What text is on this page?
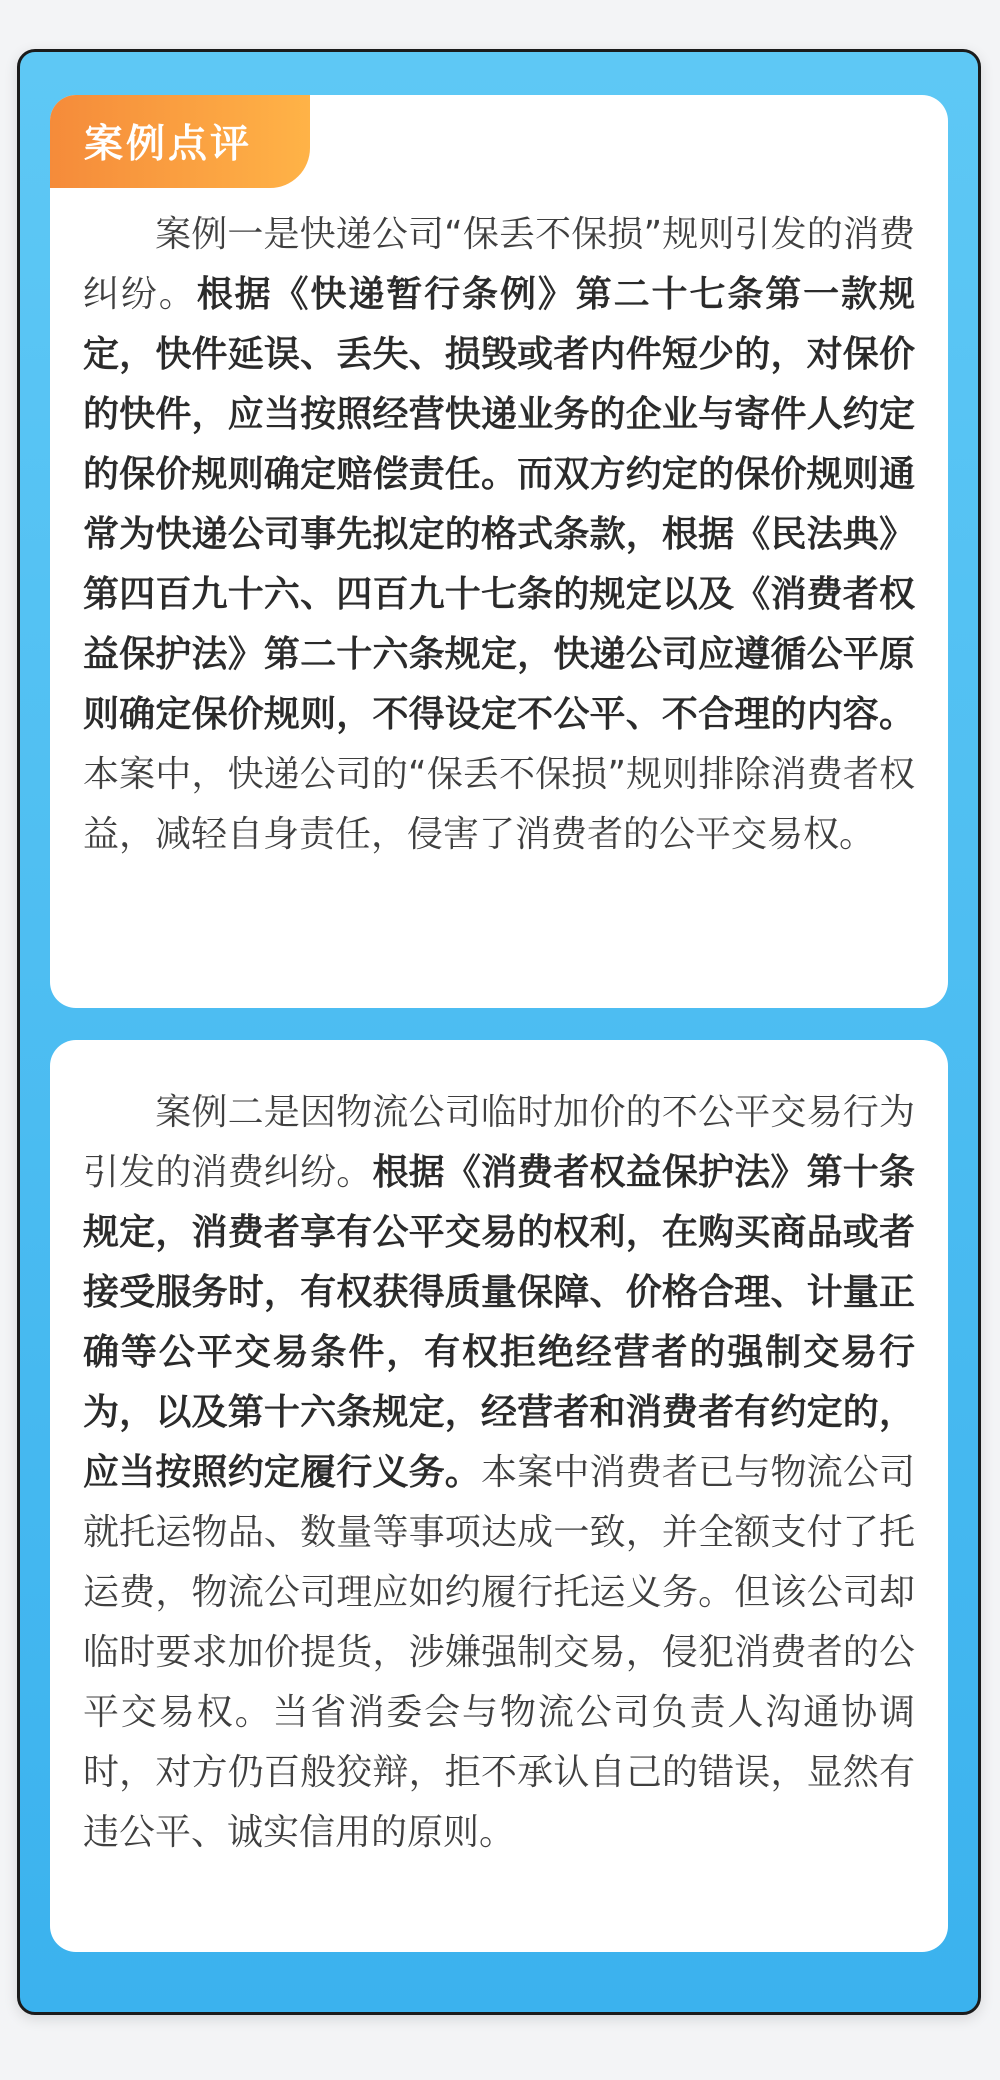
案例点评

案例一是快递公司“保丢不保损”规则引发的消费纠纷。根据《快递暂行条例》第二十七条第一款规定，快件延误、丢失、损毁或者内件短少的，对保价的快件，应当按照经营快递业务的企业与寄件人约定的保价规则确定赔偿责任。而双方约定的保价规则通常为快递公司事先拟定的格式条款，根据《民法典》第四百九十六、四百九十七条的规定以及《消费者权益保护法》第二十六条规定，快递公司应遵循公平原则确定保价规则，不得设定不公平、不合理的内容。本案中，快递公司的“保丢不保损”规则排除消费者权益，减轻自身责任，侵害了消费者的公平交易权。

案例二是因物流公司临时加价的不公平交易行为引发的消费纠纷。根据《消费者权益保护法》第十条规定，消费者享有公平交易的权利，在购买商品或者接受服务时，有权获得质量保障、价格合理、计量正确等公平交易条件，有权拒绝经营者的强制交易行为，以及第十六条规定，经营者和消费者有约定的，应当按照约定履行义务。本案中消费者已与物流公司就托运物品、数量等事项达成一致，并全额支付了托运费，物流公司理应如约履行托运义务。但该公司却临时要求加价提货，涉嫌强制交易，侵犯消费者的公平交易权。当省消委会与物流公司负责人沟通协调时，对方仍百般狡辩，拒不承认自己的错误，显然有违公平、诚实信用的原则。
